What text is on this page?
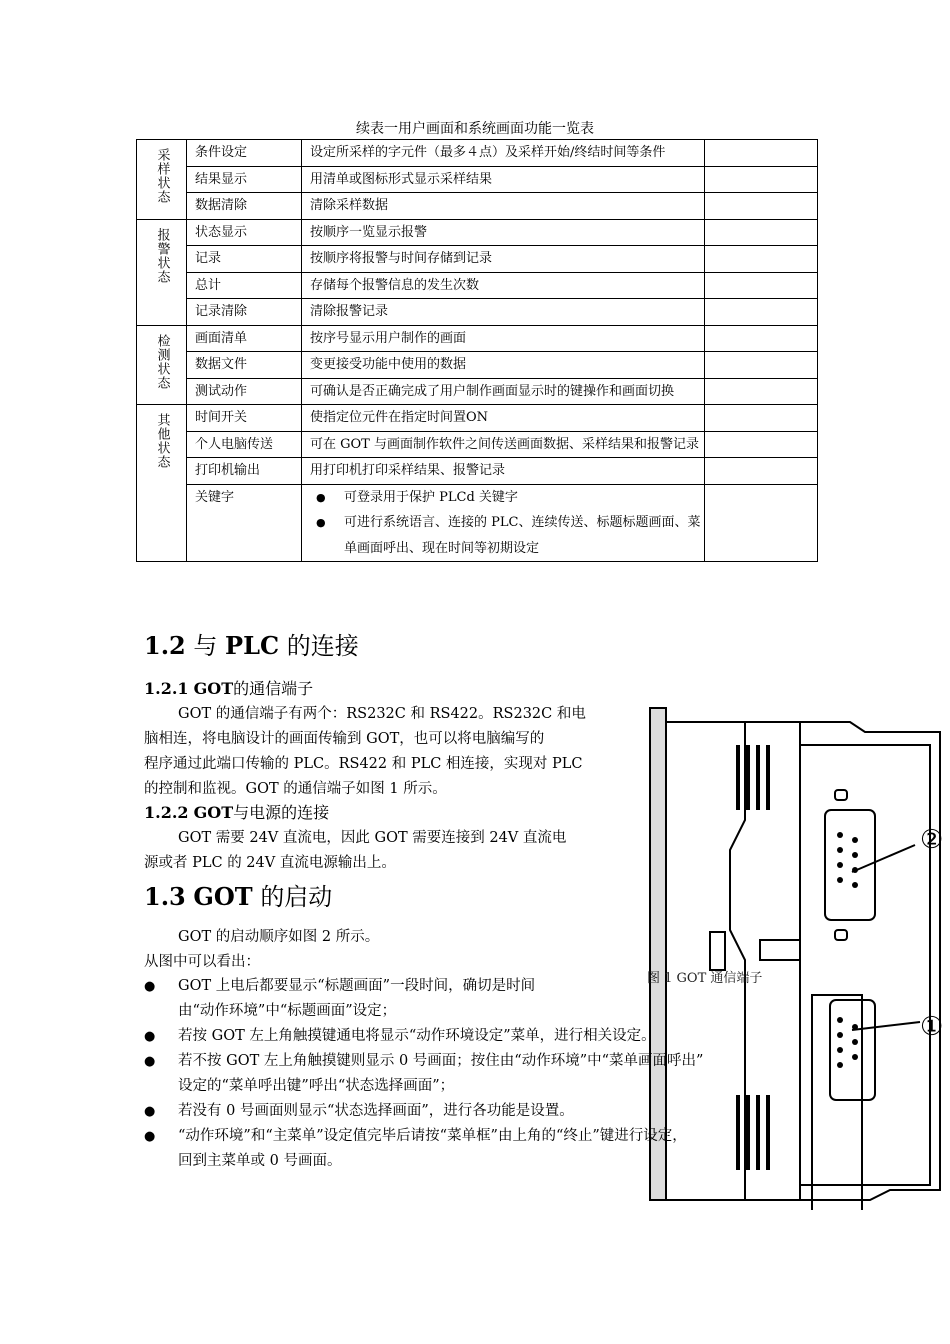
续表一用户画面和系统画面功能一览表
采样状态	条件设定	设定所采样的字元件（最多４点）及采样开始/终结时间等条件	
	结果显示	用清单或图标形式显示采样结果	
	数据清除	清除采样数据	
报警状态	状态显示	按顺序一览显示报警	
	记录	按顺序将报警与时间存储到记录	
	总计	存储每个报警信息的发生次数	
	记录清除	清除报警记录	
检测状态	画面清单	按序号显示用户制作的画面	
	数据文件	变更接受功能中使用的数据	
	测试动作	可确认是否正确完成了用户制作画面显示时的键操作和画面切换	
其他状态	时间开关	使指定位元件在指定时间置ON	
	个人电脑传送	可在 GOT 与画面制作软件之间传送画面数据、采样结果和报警记录	
	打印机输出	用打印机打印采样结果、报警记录	
	关键字	● 可登录用于保护 PLCd 关键字
● 可进行系统语言、连接的 PLC、连续传送、标题标题画面、菜单画面呼出、现在时间等初期设定

1.2 与 PLC 的连接
1.2.1 GOT的通信端子
GOT 的通信端子有两个：RS232C 和 RS422。RS232C 和电
脑相连，将电脑设计的画面传输到 GOT，也可以将电脑编写的
程序通过此端口传输的 PLC。RS422 和 PLC 相连接，实现对 PLC
的控制和监视。GOT 的通信端子如图 1 所示。
1.2.2 GOT与电源的连接
GOT 需要 24V 直流电，因此 GOT 需要连接到 24V 直流电
源或者 PLC 的 24V 直流电源输出上。
1.3 GOT 的启动
GOT 的启动顺序如图 2 所示。
从图中可以看出：
②
①
图 1 GOT 通信端子
● GOT 上电后都要显示“标题画面”一段时间，确切是时间
由“动作环境”中“标题画面”设定；
● 若按 GOT 左上角触摸键通电将显示“动作环境设定”菜单，进行相关设定。
● 若不按 GOT 左上角触摸键则显示 0 号画面；按住由“动作环境”中“菜单画面呼出”
设定的“菜单呼出键”呼出“状态选择画面”；
● 若没有 0 号画面则显示“状态选择画面”，进行各功能是设置。
● “动作环境”和“主菜单”设定值完毕后请按“菜单框”由上角的“终止”键进行设定，
回到主菜单或 0 号画面。
